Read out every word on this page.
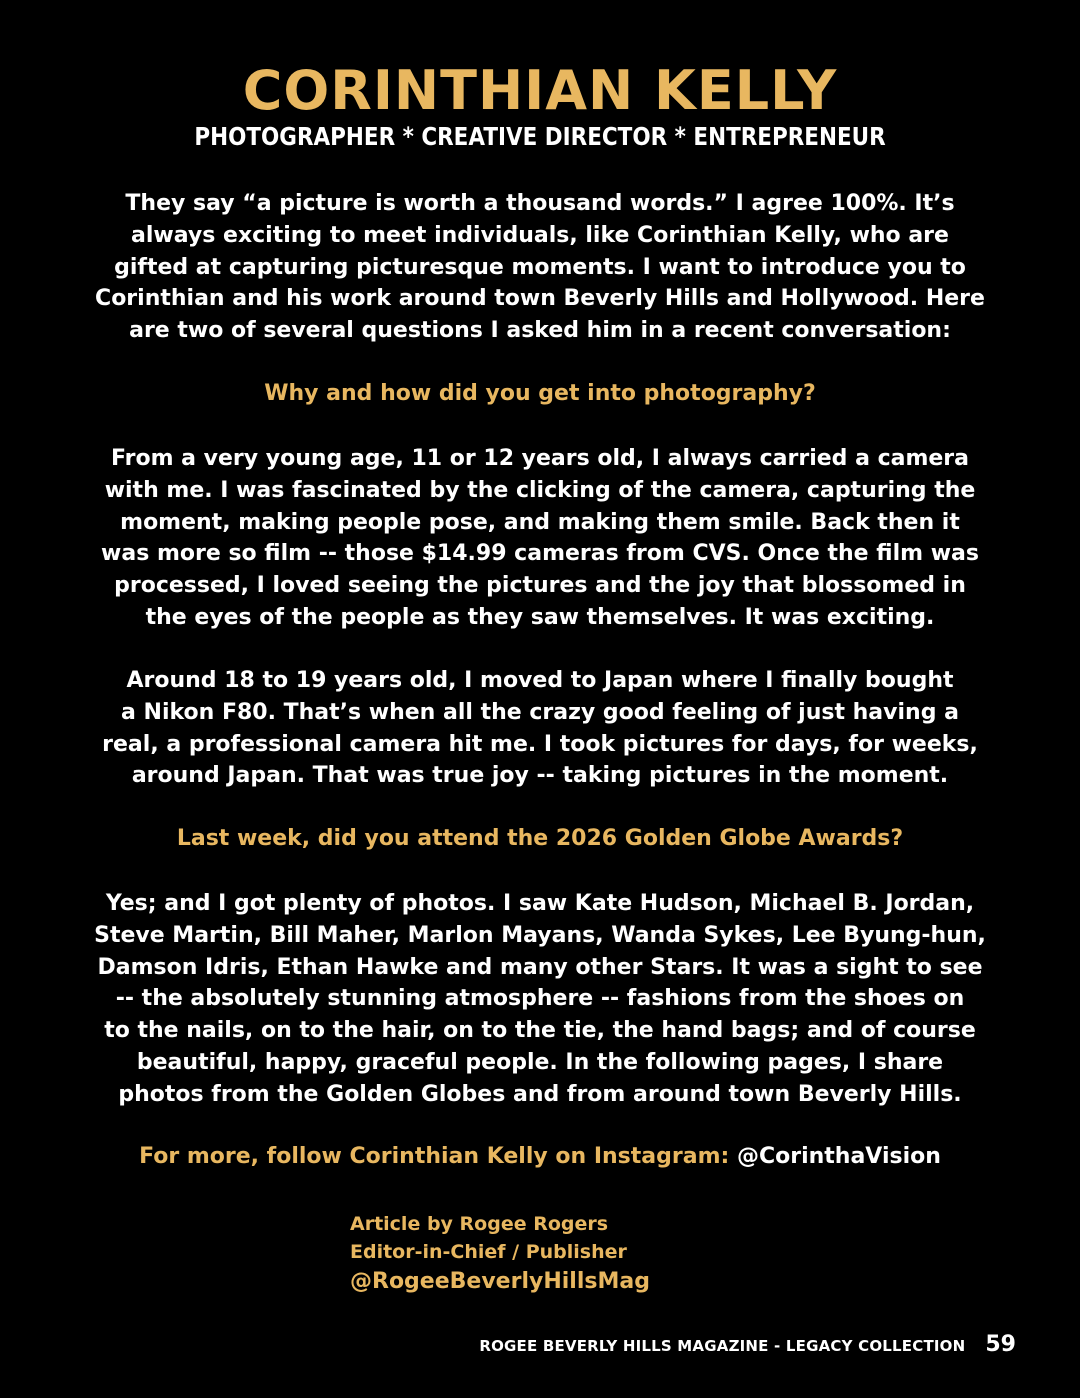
CORINTHIAN KELLY
PHOTOGRAPHER * CREATIVE DIRECTOR * ENTREPRENEUR
They say “a picture is worth a thousand words.” I agree 100%. It’s
always exciting to meet individuals, like Corinthian Kelly, who are
gifted at capturing picturesque moments. I want to introduce you to
Corinthian and his work around town Beverly Hills and Hollywood. Here
are two of several questions I asked him in a recent conversation:
Why and how did you get into photography?
From a very young age, 11 or 12 years old, I always carried a camera
with me. I was fascinated by the clicking of the camera, capturing the
moment, making people pose, and making them smile. Back then it
was more so film -- those $14.99 cameras from CVS. Once the film was
processed, I loved seeing the pictures and the joy that blossomed in
the eyes of the people as they saw themselves. It was exciting.
Around 18 to 19 years old, I moved to Japan where I finally bought
a Nikon F80. That’s when all the crazy good feeling of just having a
real, a professional camera hit me. I took pictures for days, for weeks,
around Japan. That was true joy -- taking pictures in the moment.
Last week, did you attend the 2026 Golden Globe Awards?
Yes; and I got plenty of photos. I saw Kate Hudson, Michael B. Jordan,
Steve Martin, Bill Maher, Marlon Mayans, Wanda Sykes, Lee Byung-hun,
Damson Idris, Ethan Hawke and many other Stars. It was a sight to see
-- the absolutely stunning atmosphere -- fashions from the shoes on
to the nails, on to the hair, on to the tie, the hand bags; and of course
beautiful, happy, graceful people. In the following pages, I share
photos from the Golden Globes and from around town Beverly Hills.
For more, follow Corinthian Kelly on Instagram: @CorinthaVision
Article by Rogee Rogers
Editor-in-Chief / Publisher
@RogeeBeverlyHillsMag
ROGEE BEVERLY HILLS MAGAZINE - LEGACY COLLECTION 59
